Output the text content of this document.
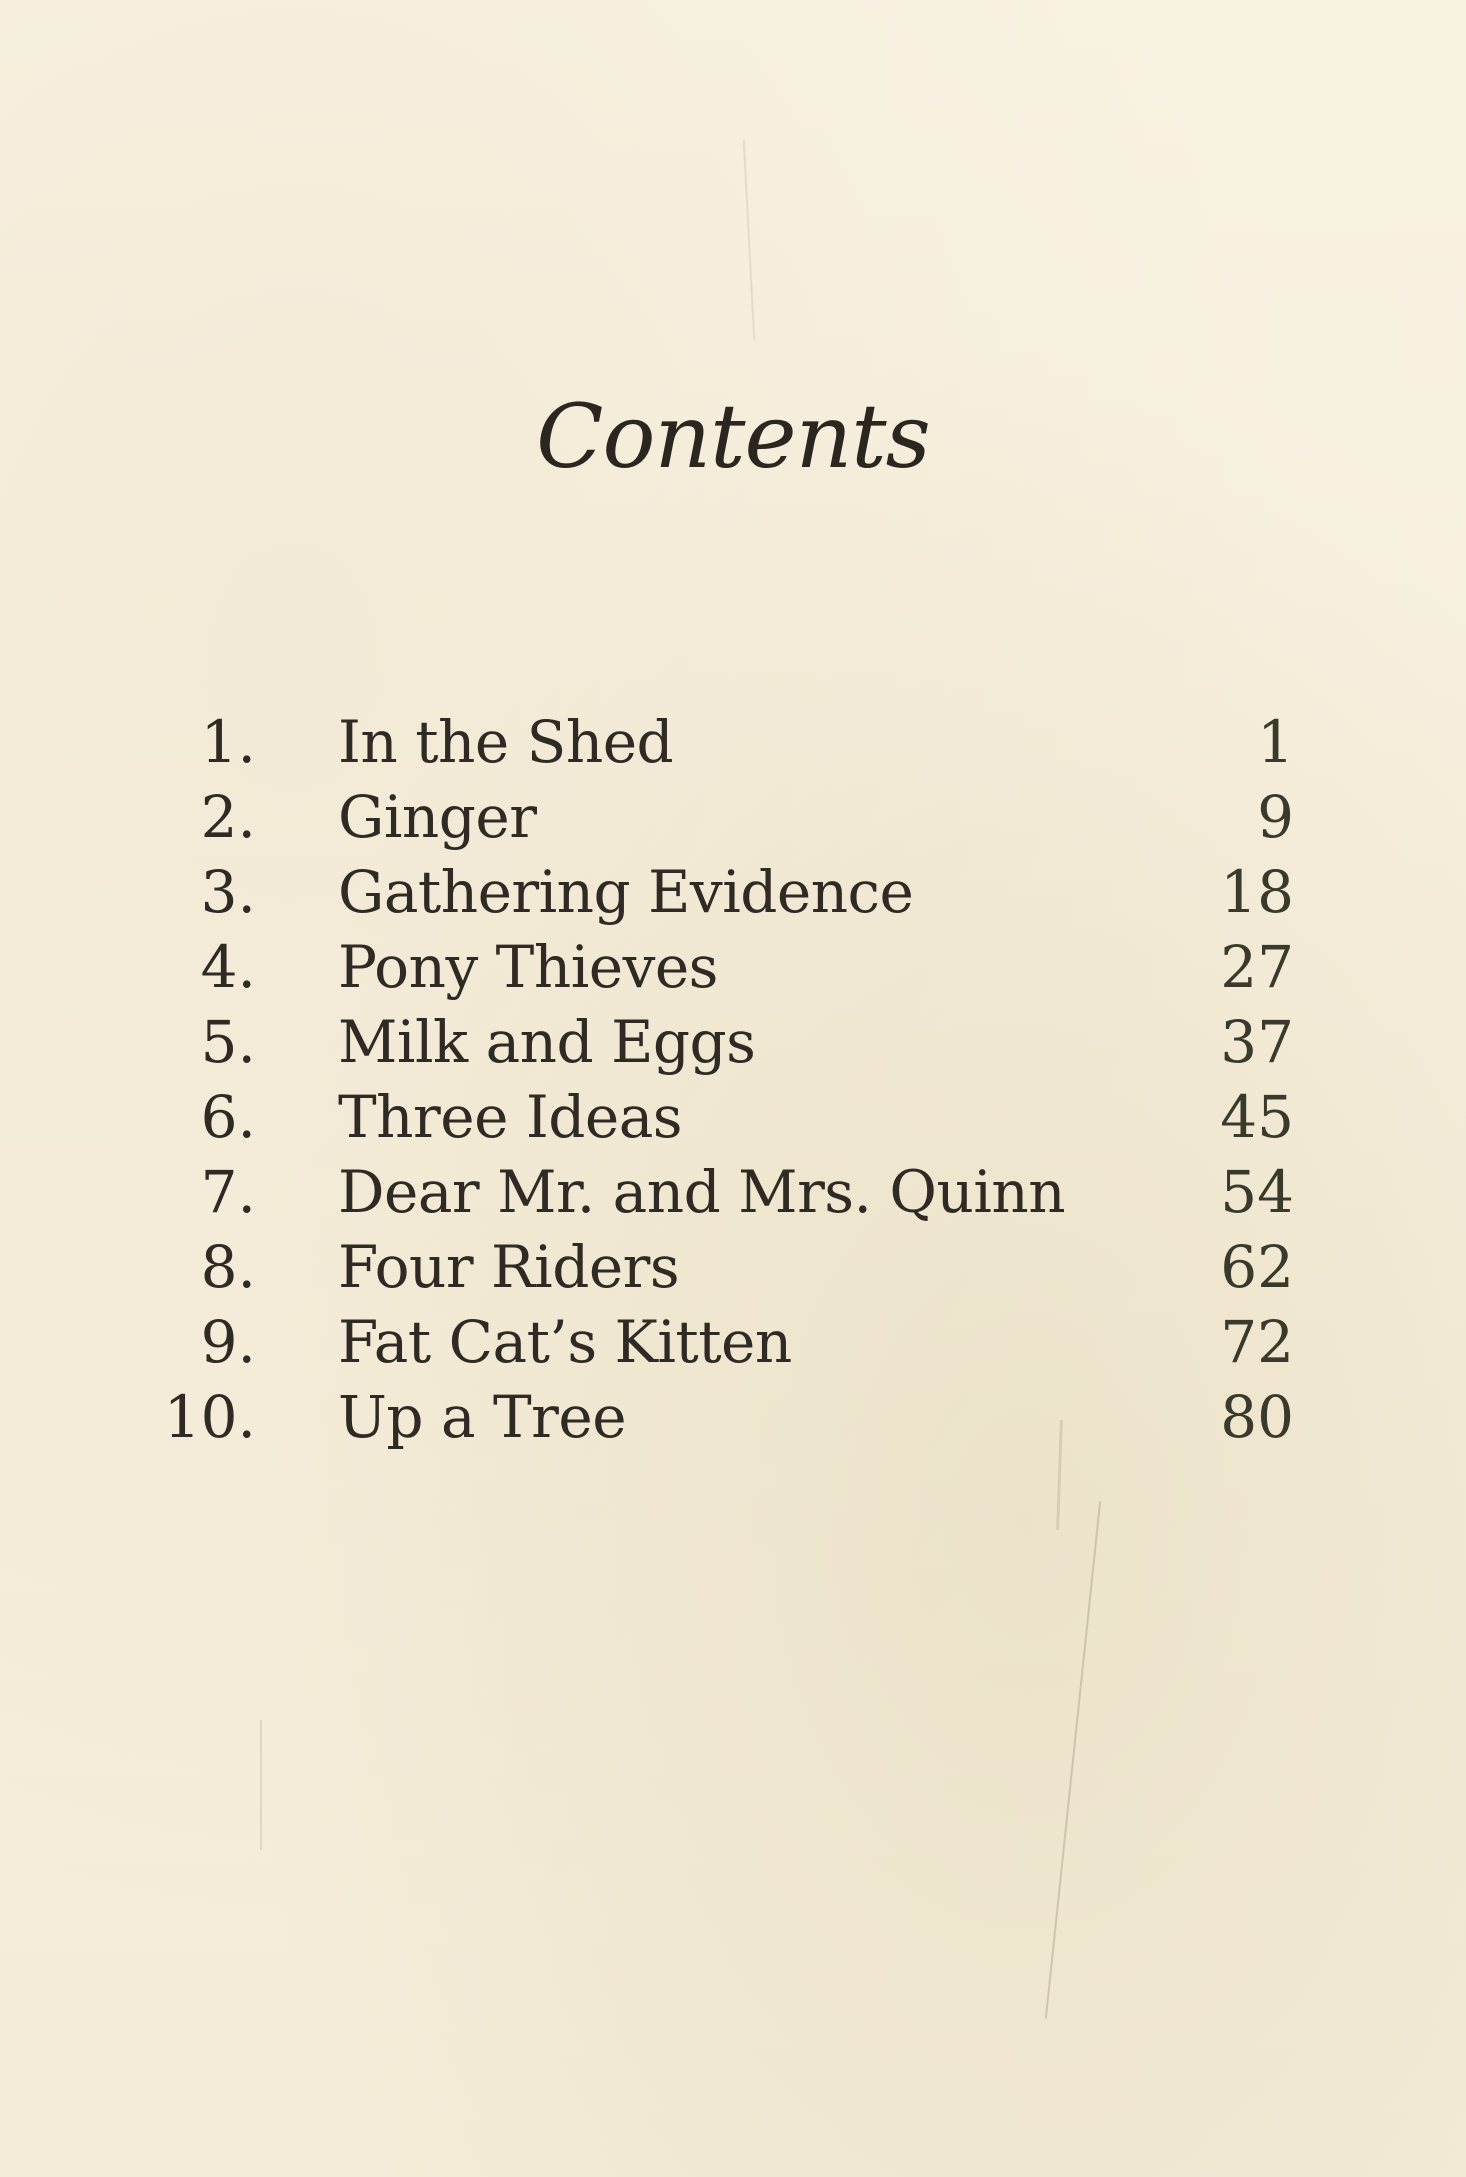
Contents
1. In the Shed	1
2. Ginger	9
3. Gathering Evidence	18
4. Pony Thieves	27
5. Milk and Eggs	37
6. Three Ideas	45
7. Dear Mr. and Mrs. Quinn	54
8. Four Riders	62
9. Fat Cat’s Kitten	72
10. Up a Tree	80
